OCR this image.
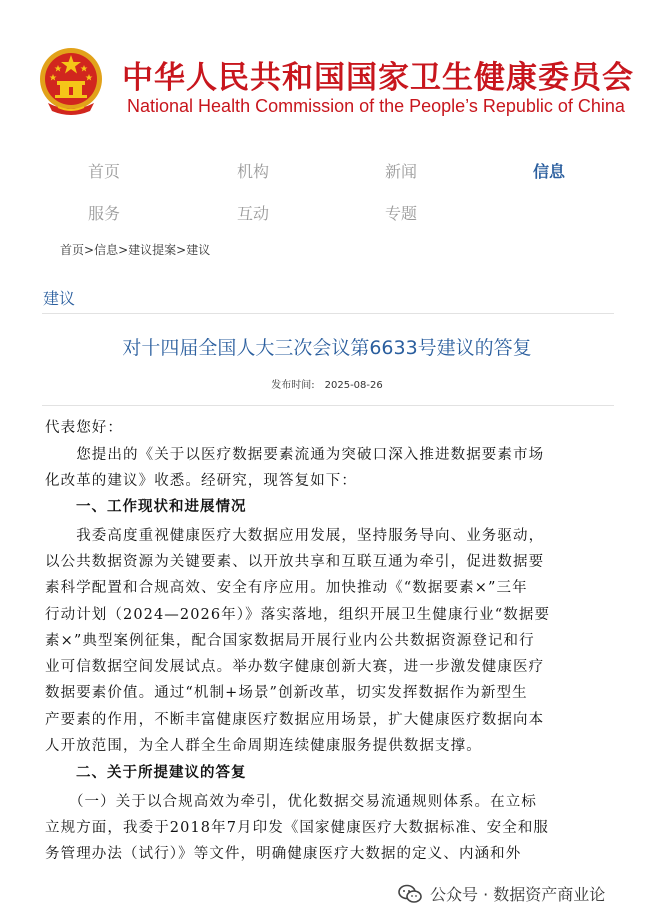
中华人民共和国国家卫生健康委员会
National Health Commission of the People’s Republic of China
首页	机构	新闻	信息
服务	互动	专题
首页>信息>建议提案>建议
建议
对十四届全国人大三次会议第6633号建议的答复
发布时间: 2025-08-26
代表您好：
　　您提出的《关于以医疗数据要素流通为突破口深入推进数据要素市场
化改革的建议》收悉。经研究，现答复如下：
　　一、工作现状和进展情况
　　我委高度重视健康医疗大数据应用发展，坚持服务导向、业务驱动，
以公共数据资源为关键要素、以开放共享和互联互通为牵引，促进数据要
素科学配置和合规高效、安全有序应用。加快推动《“数据要素×”三年
行动计划（2024—2026年）》落实落地，组织开展卫生健康行业“数据要
素×”典型案例征集，配合国家数据局开展行业内公共数据资源登记和行
业可信数据空间发展试点。举办数字健康创新大赛，进一步激发健康医疗
数据要素价值。通过“机制+场景”创新改革，切实发挥数据作为新型生
产要素的作用，不断丰富健康医疗数据应用场景，扩大健康医疗数据向本
人开放范围，为全人群全生命周期连续健康服务提供数据支撑。
　　二、关于所提建议的答复
　　（一）关于以合规高效为牵引，优化数据交易流通规则体系。在立标
立规方面，我委于2018年7月印发《国家健康医疗大数据标准、安全和服
务管理办法（试行）》等文件，明确健康医疗大数据的定义、内涵和外
公众号 · 数据资产商业论
